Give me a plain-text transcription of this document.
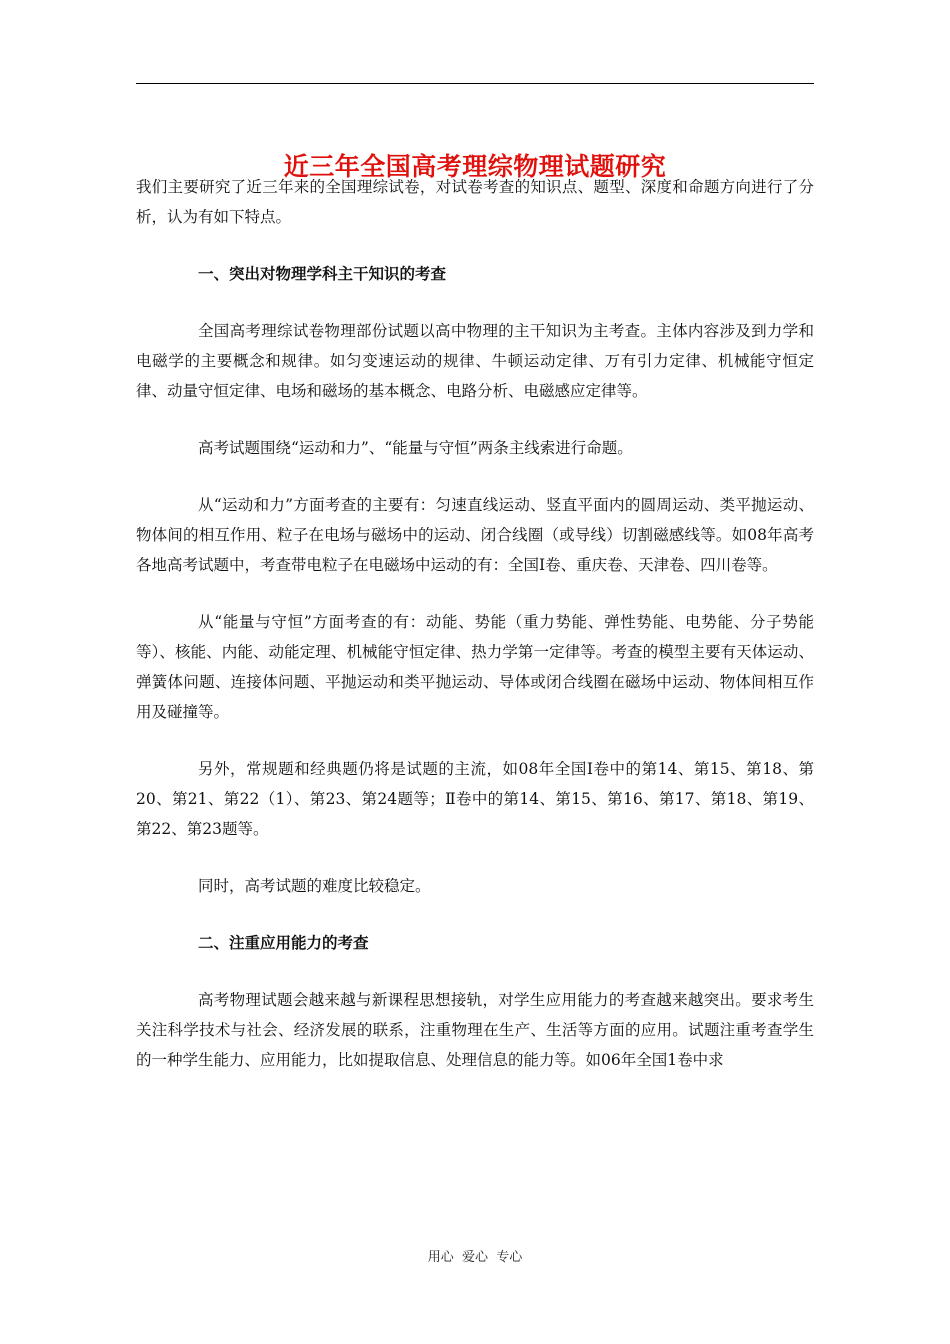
近三年全国高考理综物理试题研究

我们主要研究了近三年来的全国理综试卷，对试卷考查的知识点、题型、深度和命题方向进行了分析，认为有如下特点。

一、突出对物理学科主干知识的考查

全国高考理综试卷物理部份试题以高中物理的主干知识为主考查。主体内容涉及到力学和电磁学的主要概念和规律。如匀变速运动的规律、牛顿运动定律、万有引力定律、机械能守恒定律、动量守恒定律、电场和磁场的基本概念、电路分析、电磁感应定律等。

高考试题围绕“运动和力”、“能量与守恒”两条主线索进行命题。

从“运动和力”方面考查的主要有：匀速直线运动、竖直平面内的圆周运动、类平抛运动、物体间的相互作用、粒子在电场与磁场中的运动、闭合线圈（或导线）切割磁感线等。如08年高考各地高考试题中，考查带电粒子在电磁场中运动的有：全国Ⅰ卷、重庆卷、天津卷、四川卷等。

从“能量与守恒”方面考查的有：动能、势能（重力势能、弹性势能、电势能、分子势能等）、核能、内能、动能定理、机械能守恒定律、热力学第一定律等。考查的模型主要有天体运动、弹簧体问题、连接体问题、平抛运动和类平抛运动、导体或闭合线圈在磁场中运动、物体间相互作用及碰撞等。

另外，常规题和经典题仍将是试题的主流，如08年全国Ⅰ卷中的第14、第15、第18、第20、第21、第22（1）、第23、第24题等；Ⅱ卷中的第14、第15、第16、第17、第18、第19、第22、第23题等。

同时，高考试题的难度比较稳定。

二、注重应用能力的考查

高考物理试题会越来越与新课程思想接轨，对学生应用能力的考查越来越突出。要求考生关注科学技术与社会、经济发展的联系，注重物理在生产、生活等方面的应用。试题注重考查学生的一种学生能力、应用能力，比如提取信息、处理信息的能力等。如06年全国1卷中求

用心  爱心  专心
